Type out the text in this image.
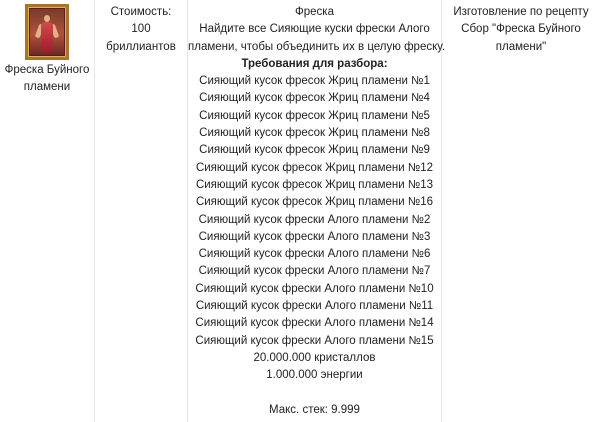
Фреска Буйного
пламени
Стоимость:
100
бриллиантов
Фреска
Найдите все Сияющие куски фрески Алого
пламени, чтобы объединить их в целую фреску.
Требования для разбора:
Сияющий кусок фресок Жриц пламени №1
Сияющий кусок фресок Жриц пламени №4
Сияющий кусок фресок Жриц пламени №5
Сияющий кусок фресок Жриц пламени №8
Сияющий кусок фресок Жриц пламени №9
Сияющий кусок фресок Жриц пламени №12
Сияющий кусок фресок Жриц пламени №13
Сияющий кусок фресок Жриц пламени №16
Сияющий кусок фрески Алого пламени №2
Сияющий кусок фрески Алого пламени №3
Сияющий кусок фрески Алого пламени №6
Сияющий кусок фрески Алого пламени №7
Сияющий кусок фрески Алого пламени №10
Сияющий кусок фрески Алого пламени №11
Сияющий кусок фрески Алого пламени №14
Сияющий кусок фрески Алого пламени №15
20.000.000 кристаллов
1.000.000 энергии
Макс. стек: 9.999
Изготовление по рецепту
Сбор "Фреска Буйного
пламени"
